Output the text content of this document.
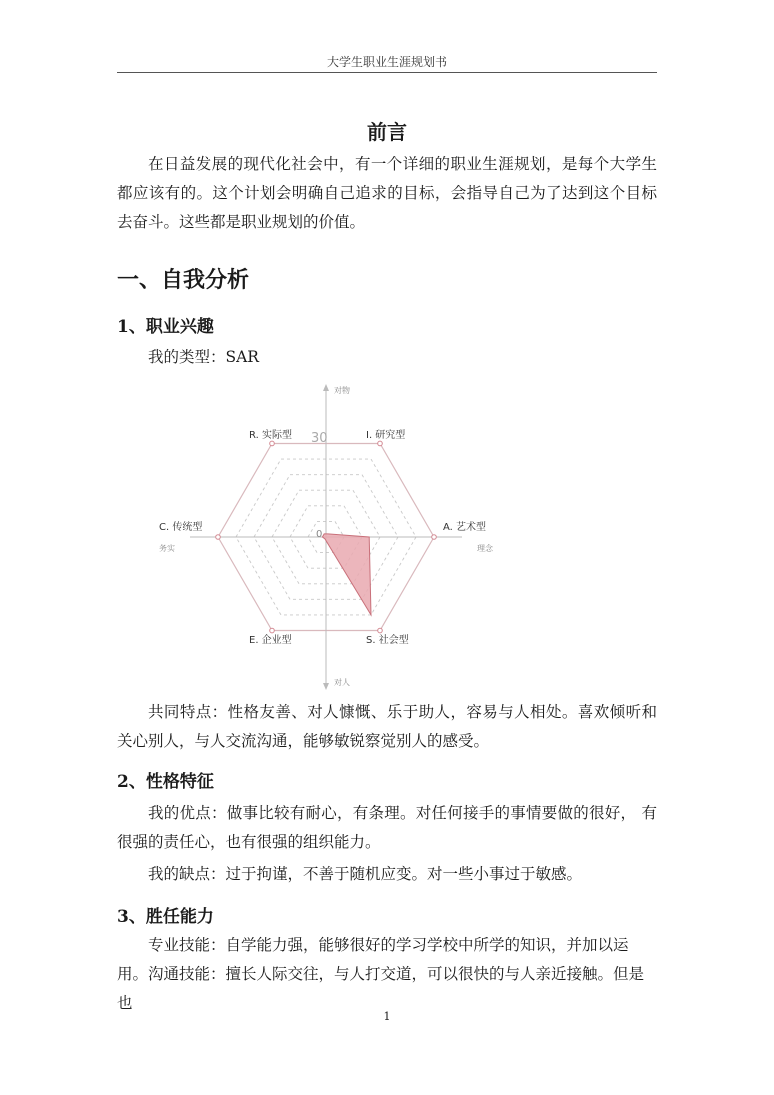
大学生职业生涯规划书
前言
在日益发展的现代化社会中，有一个详细的职业生涯规划，是每个大学生都应该有的。这个计划会明确自己追求的目标，会指导自己为了达到这个目标去奋斗。这些都是职业规划的价值。
一、自我分析
1、职业兴趣
我的类型：SAR
30
0
对物
对人
务实	理念
I. 研究型
A. 艺术型
S. 社会型
E. 企业型
C. 传统型
R. 实际型
共同特点：性格友善、对人慷慨、乐于助人，容易与人相处。喜欢倾听和关心别人，与人交流沟通，能够敏锐察觉别人的感受。
2、性格特征
我的优点：做事比较有耐心，有条理。对任何接手的事情要做的很好， 有很强的责任心，也有很强的组织能力。
我的缺点：过于拘谨，不善于随机应变。对一些小事过于敏感。
3、胜任能力
专业技能：自学能力强，能够很好的学习学校中所学的知识，并加以运用。 沟通技能：擅长人际交往，与人打交道，可以很快的与人亲近接触。但是也
1
